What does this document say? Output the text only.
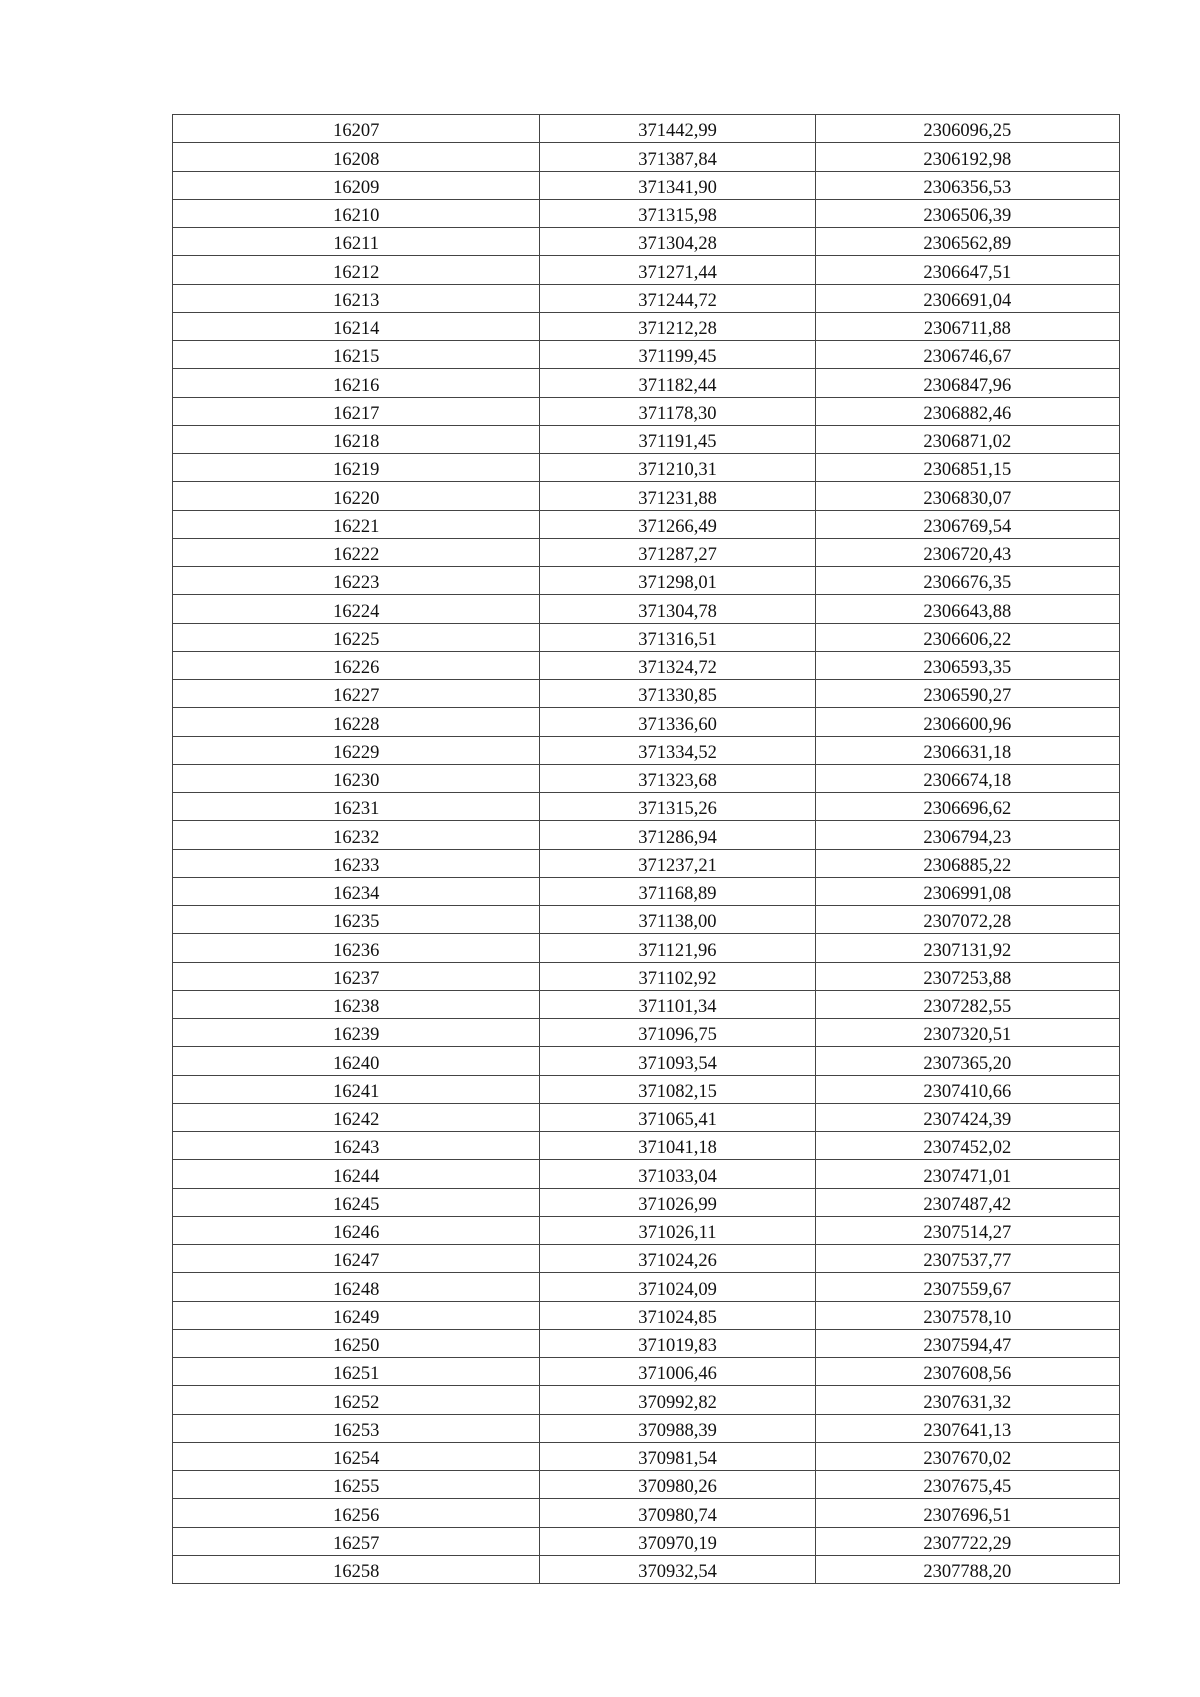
16207	371442,99	2306096,25
16208	371387,84	2306192,98
16209	371341,90	2306356,53
16210	371315,98	2306506,39
16211	371304,28	2306562,89
16212	371271,44	2306647,51
16213	371244,72	2306691,04
16214	371212,28	2306711,88
16215	371199,45	2306746,67
16216	371182,44	2306847,96
16217	371178,30	2306882,46
16218	371191,45	2306871,02
16219	371210,31	2306851,15
16220	371231,88	2306830,07
16221	371266,49	2306769,54
16222	371287,27	2306720,43
16223	371298,01	2306676,35
16224	371304,78	2306643,88
16225	371316,51	2306606,22
16226	371324,72	2306593,35
16227	371330,85	2306590,27
16228	371336,60	2306600,96
16229	371334,52	2306631,18
16230	371323,68	2306674,18
16231	371315,26	2306696,62
16232	371286,94	2306794,23
16233	371237,21	2306885,22
16234	371168,89	2306991,08
16235	371138,00	2307072,28
16236	371121,96	2307131,92
16237	371102,92	2307253,88
16238	371101,34	2307282,55
16239	371096,75	2307320,51
16240	371093,54	2307365,20
16241	371082,15	2307410,66
16242	371065,41	2307424,39
16243	371041,18	2307452,02
16244	371033,04	2307471,01
16245	371026,99	2307487,42
16246	371026,11	2307514,27
16247	371024,26	2307537,77
16248	371024,09	2307559,67
16249	371024,85	2307578,10
16250	371019,83	2307594,47
16251	371006,46	2307608,56
16252	370992,82	2307631,32
16253	370988,39	2307641,13
16254	370981,54	2307670,02
16255	370980,26	2307675,45
16256	370980,74	2307696,51
16257	370970,19	2307722,29
16258	370932,54	2307788,20
